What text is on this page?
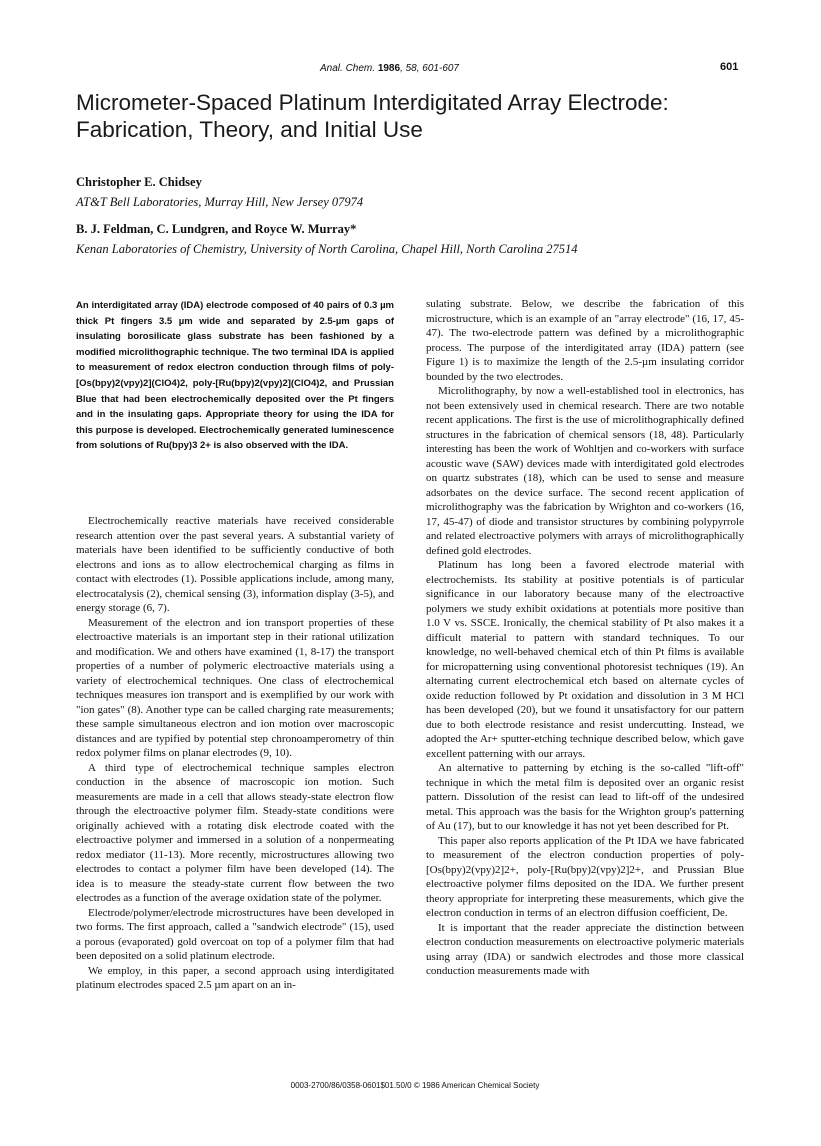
Anal. Chem. 1986, 58, 601-607	601
Micrometer-Spaced Platinum Interdigitated Array Electrode:
Fabrication, Theory, and Initial Use
Christopher E. Chidsey
AT&T Bell Laboratories, Murray Hill, New Jersey 07974
B. J. Feldman, C. Lundgren, and Royce W. Murray*
Kenan Laboratories of Chemistry, University of North Carolina, Chapel Hill, North Carolina 27514
An interdigitated array (IDA) electrode composed of 40 pairs of 0.3 µm thick Pt fingers 3.5 µm wide and separated by 2.5-µm gaps of insulating borosilicate glass substrate has been fashioned by a modified microlithographic technique. The two terminal IDA is applied to measurement of redox electron conduction through films of poly-[Os(bpy)2(vpy)2](ClO4)2, poly-[Ru(bpy)2(vpy)2](ClO4)2, and Prussian Blue that had been electrochemically deposited over the Pt fingers and in the insulating gaps. Appropriate theory for using the IDA for this purpose is developed. Electrochemically generated luminescence from solutions of Ru(bpy)3 2+ is also observed with the IDA.

Electrochemically reactive materials have received considerable research attention over the past several years. A substantial variety of materials have been identified to be sufficiently conductive of both electrons and ions as to allow electrochemical charging as films in contact with electrodes (1). Possible applications include, among many, electrocatalysis (2), chemical sensing (3), information display (3-5), and energy storage (6, 7).

Measurement of the electron and ion transport properties of these electroactive materials is an important step in their rational utilization and modification. We and others have examined (1, 8-17) the transport properties of a number of polymeric electroactive materials using a variety of electrochemical techniques. One class of electrochemical techniques measures ion transport and is exemplified by our work with "ion gates" (8). Another type can be called charging rate measurements; these sample simultaneous electron and ion motion over macroscopic distances and are typified by potential step chronoamperometry of thin redox polymer films on planar electrodes (9, 10).

A third type of electrochemical technique samples electron conduction in the absence of macroscopic ion motion. Such measurements are made in a cell that allows steady-state electron flow through the electroactive polymer film. Steady-state conditions were originally achieved with a rotating disk electrode coated with the electroactive polymer and immersed in a solution of a nonpermeating redox mediator (11-13). More recently, microstructures allowing two electrodes to contact a polymer film have been developed (14). The idea is to measure the steady-state current flow between the two electrodes as a function of the average oxidation state of the polymer.

Electrode/polymer/electrode microstructures have been developed in two forms. The first approach, called a "sandwich electrode" (15), used a porous (evaporated) gold overcoat on top of a polymer film that had been deposited on a solid platinum electrode.

We employ, in this paper, a second approach using interdigitated platinum electrodes spaced 2.5 µm apart on an in-

sulating substrate. Below, we describe the fabrication of this microstructure, which is an example of an "array electrode" (16, 17, 45-47). The two-electrode pattern was defined by a microlithographic process. The purpose of the interdigitated array (IDA) pattern (see Figure 1) is to maximize the length of the 2.5-µm insulating corridor bounded by the two electrodes.

Microlithography, by now a well-established tool in electronics, has not been extensively used in chemical research. There are two notable recent applications. The first is the use of microlithographically defined structures in the fabrication of chemical sensors (18, 48). Particularly interesting has been the work of Wohltjen and co-workers with surface acoustic wave (SAW) devices made with interdigitated gold electrodes on quartz substrates (18), which can be used to sense and measure adsorbates on the device surface. The second recent application of microlithography was the fabrication by Wrighton and co-workers (16, 17, 45-47) of diode and transistor structures by combining polypyrrole and related electroactive polymers with arrays of microlithographically defined gold electrodes.

Platinum has long been a favored electrode material with electrochemists. Its stability at positive potentials is of particular significance in our laboratory because many of the electroactive polymers we study exhibit oxidations at potentials more positive than 1.0 V vs. SSCE. Ironically, the chemical stability of Pt also makes it a difficult material to pattern with standard techniques. To our knowledge, no well-behaved chemical etch of thin Pt films is available for micropatterning using conventional photoresist techniques (19). An alternating current electrochemical etch based on alternate cycles of oxide reduction followed by Pt oxidation and dissolution in 3 M HCl has been developed (20), but we found it unsatisfactory for our pattern due to both electrode resistance and resist undercutting. Instead, we adopted the Ar+ sputter-etching technique described below, which gave excellent patterning with our arrays.

An alternative to patterning by etching is the so-called "lift-off" technique in which the metal film is deposited over an organic resist pattern. Dissolution of the resist can lead to lift-off of the undesired metal. This approach was the basis for the Wrighton group's patterning of Au (17), but to our knowledge it has not yet been described for Pt.

This paper also reports application of the Pt IDA we have fabricated to measurement of the electron conduction properties of poly-[Os(bpy)2(vpy)2]2+, poly-[Ru(bpy)2(vpy)2]2+, and Prussian Blue electroactive polymer films deposited on the IDA. We further present theory appropriate for interpreting these measurements, which give the electron conduction in terms of an electron diffusion coefficient, De.

It is important that the reader appreciate the distinction between electron conduction measurements on electroactive polymeric materials using array (IDA) or sandwich electrodes and those more classical conduction measurements made with

0003-2700/86/0358-0601$01.50/0 © 1986 American Chemical Society
